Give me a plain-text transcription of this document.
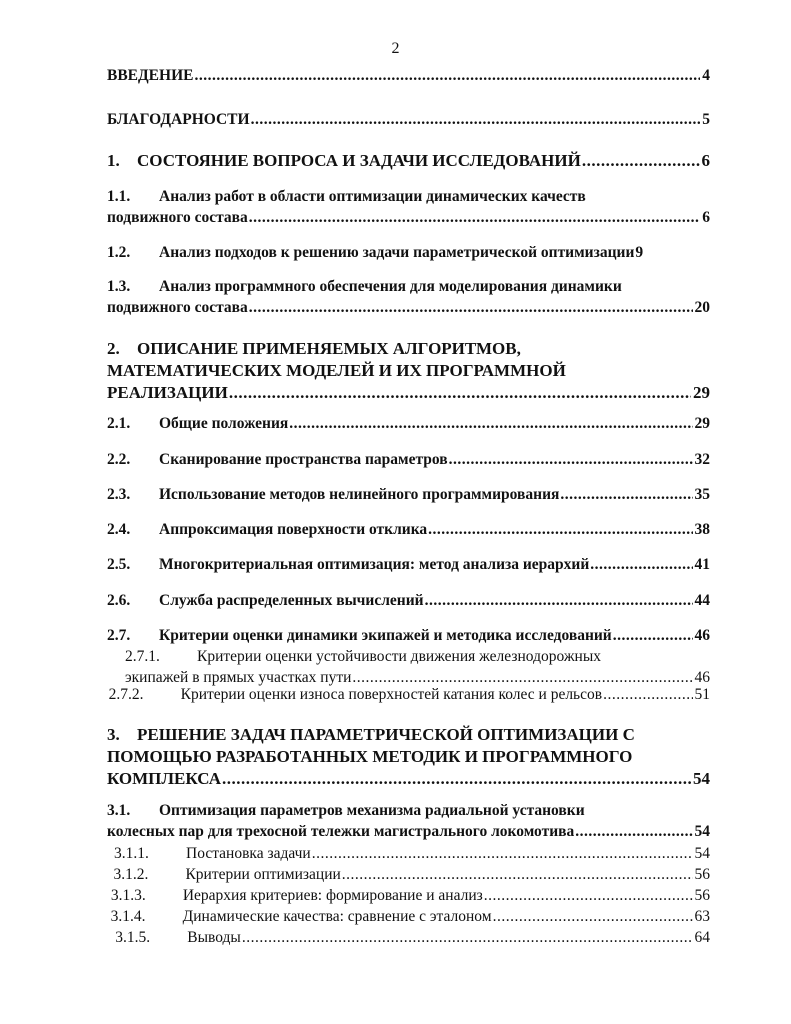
2
ВВЕДЕНИЕ .....	4
БЛАГОДАРНОСТИ .....	5
1.	СОСТОЯНИЕ ВОПРОСА И ЗАДАЧИ ИССЛЕДОВАНИЙ .....	6
1.1. Анализ работ в области оптимизации динамических качеств
подвижного состава .....	6
1.2.	Анализ подходов к решению задачи параметрической оптимизации 9
1.3. Анализ программного обеспечения для моделирования динамики
подвижного состава .....	20
2. ОПИСАНИЕ ПРИМЕНЯЕМЫХ АЛГОРИТМОВ,
МАТЕМАТИЧЕСКИХ МОДЕЛЕЙ И ИХ ПРОГРАММНОЙ
РЕАЛИЗАЦИИ .....	29
2.1.	Общие положения .....	29
2.2.	Сканирование пространства параметров .....	32
2.3.	Использование методов нелинейного программирования .....	35
2.4.	Аппроксимация поверхности отклика .....	38
2.5.	Многокритериальная оптимизация: метод анализа иерархий .....	41
2.6.	Служба распределенных вычислений .....	44
2.7.	Критерии оценки динамики экипажей и методика исследований .....	46
2.7.1. Критерии оценки устойчивости движения железнодорожных
экипажей в прямых участках пути .....	46
2.7.2.	Критерии оценки износа поверхностей катания колес и рельсов .....	51
3. РЕШЕНИЕ ЗАДАЧ ПАРАМЕТРИЧЕСКОЙ ОПТИМИЗАЦИИ С
ПОМОЩЬЮ РАЗРАБОТАННЫХ МЕТОДИК И ПРОГРАММНОГО
КОМПЛЕКСА .....	54
3.1. Оптимизация параметров механизма радиальной установки
колесных пар для трехосной тележки магистрального локомотива .....	54
3.1.1.	Постановка задачи .....	54
3.1.2.	Критерии оптимизации .....	56
3.1.3.	Иерархия критериев: формирование и анализ .....	56
3.1.4.	Динамические качества: сравнение с эталоном .....	63
3.1.5.	Выводы .....	64
